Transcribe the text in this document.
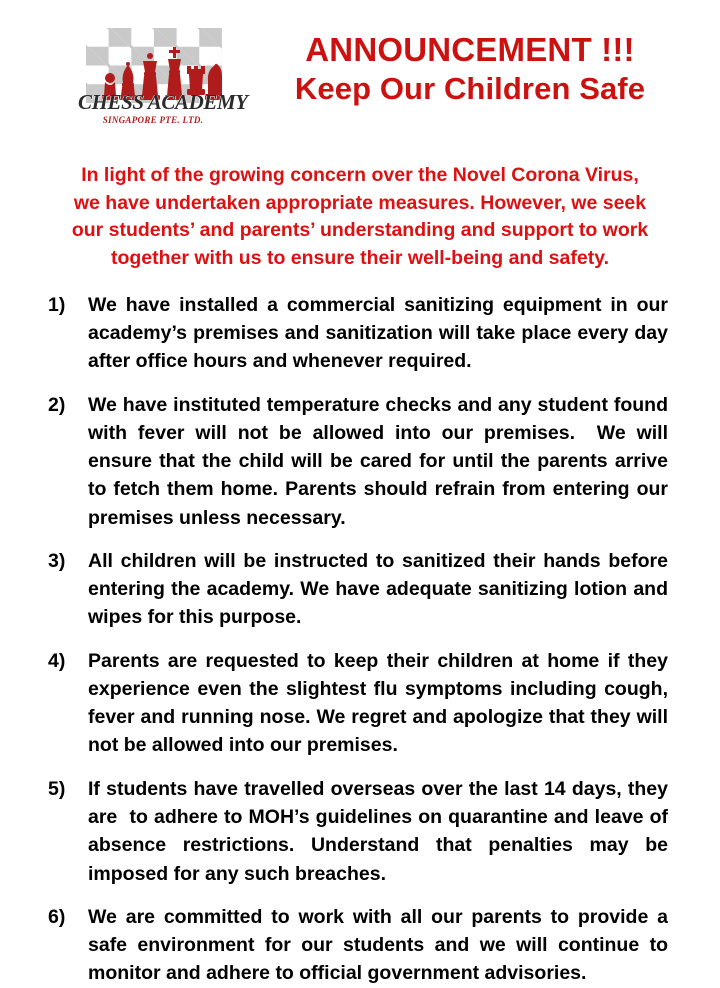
CHESS ACADEMY
SINGAPORE PTE. LTD.
ANNOUNCEMENT !!!
Keep Our Children Safe
In light of the growing concern over the Novel Corona Virus,
we have undertaken appropriate measures. However, we seek
our students’ and parents’ understanding and support to work
together with us to ensure their well-being and safety.
1)	We have installed a commercial sanitizing equipment in our academy’s premises and sanitization will take place every day after office hours and whenever required.
2)	We have instituted temperature checks and any student found with fever will not be allowed into our premises.  We will ensure that the child will be cared for until the parents arrive to fetch them home. Parents should refrain from entering our premises unless necessary.
3)	All children will be instructed to sanitized their hands before entering the academy. We have adequate sanitizing lotion and wipes for this purpose.
4)	Parents are requested to keep their children at home if they experience even the slightest flu symptoms including cough, fever and running nose. We regret and apologize that they will not be allowed into our premises.
5)	If students have travelled overseas over the last 14 days, they are  to adhere to MOH’s guidelines on quarantine and leave of absence restrictions. Understand that penalties may be imposed for any such breaches.
6)	We are committed to work with all our parents to provide a safe environment for our students and we will continue to monitor and adhere to official government advisories.
